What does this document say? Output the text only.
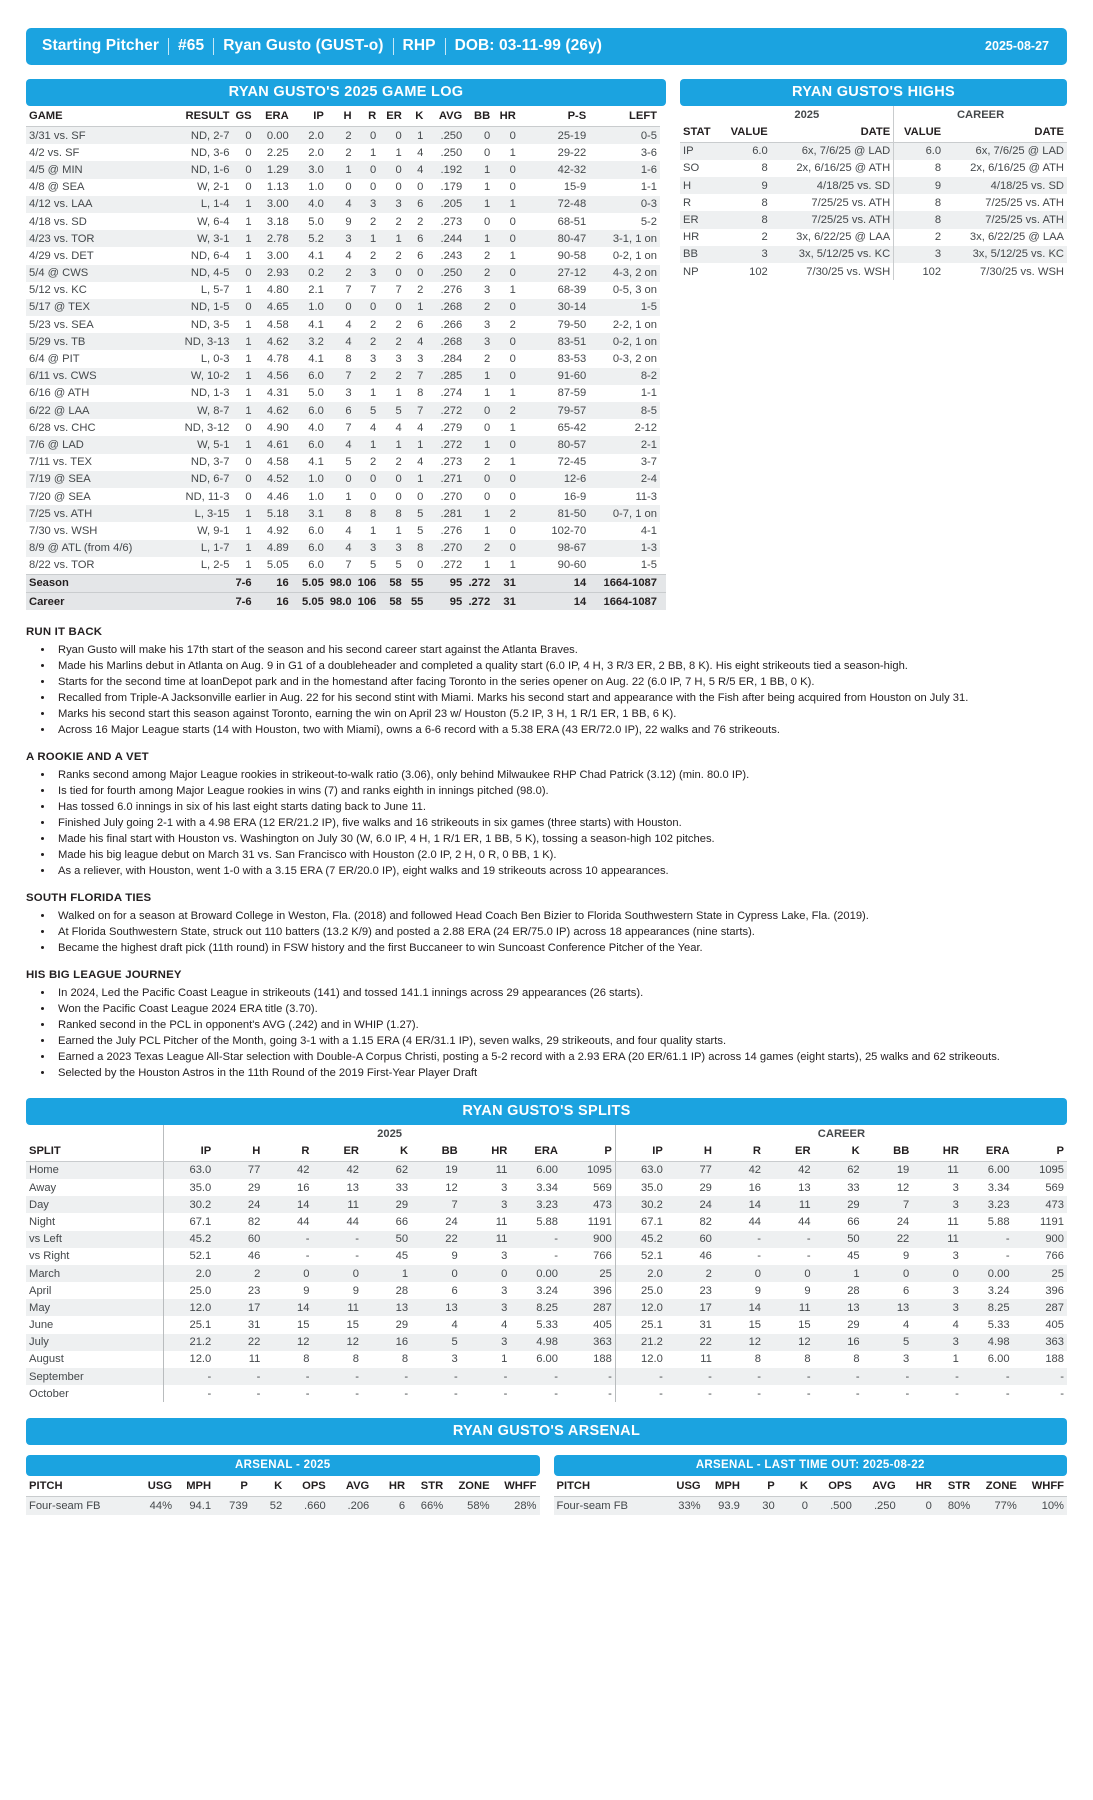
Starting Pitcher	#65	Ryan Gusto (GUST-o)	RHP	DOB: 03-11-99 (26y)	2025-08-27
RYAN GUSTO'S 2025 GAME LOG
GAME	RESULT	GS	ERA	IP	H	R	ER	K	AVG	BB	HR	P-S	LEFT	
3/31 vs. SF	ND, 2-7	0	0.00	2.0	2	0	0	1	.250	0	0	25-19	0-5	
4/2 vs. SF	ND, 3-6	0	2.25	2.0	2	1	1	4	.250	0	1	29-22	3-6	
4/5 @ MIN	ND, 1-6	0	1.29	3.0	1	0	0	4	.192	1	0	42-32	1-6	
4/8 @ SEA	W, 2-1	0	1.13	1.0	0	0	0	0	.179	1	0	15-9	1-1	
4/12 vs. LAA	L, 1-4	1	3.00	4.0	4	3	3	6	.205	1	1	72-48	0-3	
4/18 vs. SD	W, 6-4	1	3.18	5.0	9	2	2	2	.273	0	0	68-51	5-2	
4/23 vs. TOR	W, 3-1	1	2.78	5.2	3	1	1	6	.244	1	0	80-47	3-1, 1 on	
4/29 vs. DET	ND, 6-4	1	3.00	4.1	4	2	2	6	.243	2	1	90-58	0-2, 1 on	
5/4 @ CWS	ND, 4-5	0	2.93	0.2	2	3	0	0	.250	2	0	27-12	4-3, 2 on	
5/12 vs. KC	L, 5-7	1	4.80	2.1	7	7	7	2	.276	3	1	68-39	0-5, 3 on	
5/17 @ TEX	ND, 1-5	0	4.65	1.0	0	0	0	1	.268	2	0	30-14	1-5	
5/23 vs. SEA	ND, 3-5	1	4.58	4.1	4	2	2	6	.266	3	2	79-50	2-2, 1 on	
5/29 vs. TB	ND, 3-13	1	4.62	3.2	4	2	2	4	.268	3	0	83-51	0-2, 1 on	
6/4 @ PIT	L, 0-3	1	4.78	4.1	8	3	3	3	.284	2	0	83-53	0-3, 2 on	
6/11 vs. CWS	W, 10-2	1	4.56	6.0	7	2	2	7	.285	1	0	91-60	8-2	
6/16 @ ATH	ND, 1-3	1	4.31	5.0	3	1	1	8	.274	1	1	87-59	1-1	
6/22 @ LAA	W, 8-7	1	4.62	6.0	6	5	5	7	.272	0	2	79-57	8-5	
6/28 vs. CHC	ND, 3-12	0	4.90	4.0	7	4	4	4	.279	0	1	65-42	2-12	
7/6 @ LAD	W, 5-1	1	4.61	6.0	4	1	1	1	.272	1	0	80-57	2-1	
7/11 vs. TEX	ND, 3-7	0	4.58	4.1	5	2	2	4	.273	2	1	72-45	3-7	
7/19 @ SEA	ND, 6-7	0	4.52	1.0	0	0	0	1	.271	0	0	12-6	2-4	
7/20 @ SEA	ND, 11-3	0	4.46	1.0	1	0	0	0	.270	0	0	16-9	11-3	
7/25 vs. ATH	L, 3-15	1	5.18	3.1	8	8	8	5	.281	1	2	81-50	0-7, 1 on	
7/30 vs. WSH	W, 9-1	1	4.92	6.0	4	1	1	5	.276	1	0	102-70	4-1	
8/9 @ ATL (from 4/6)	L, 1-7	1	4.89	6.0	4	3	3	8	.270	2	0	98-67	1-3	
8/22 vs. TOR	L, 2-5	1	5.05	6.0	7	5	5	0	.272	1	1	90-60	1-5	
Season		7-6	16	5.05	98.0	106	58	55	95	.272	31	14	1664-1087	
Career		7-6	16	5.05	98.0	106	58	55	95	.272	31	14	1664-1087	
RYAN GUSTO'S HIGHS
	2025		CAREER	
STAT	VALUE	DATE	VALUE	DATE
IP	6.0	6x, 7/6/25 @ LAD	6.0	6x, 7/6/25 @ LAD
SO	8	2x, 6/16/25 @ ATH	8	2x, 6/16/25 @ ATH
H	9	4/18/25 vs. SD	9	4/18/25 vs. SD
R	8	7/25/25 vs. ATH	8	7/25/25 vs. ATH
ER	8	7/25/25 vs. ATH	8	7/25/25 vs. ATH
HR	2	3x, 6/22/25 @ LAA	2	3x, 6/22/25 @ LAA
BB	3	3x, 5/12/25 vs. KC	3	3x, 5/12/25 vs. KC
NP	102	7/30/25 vs. WSH	102	7/30/25 vs. WSH
RUN IT BACK
• Ryan Gusto will make his 17th start of the season and his second career start against the Atlanta Braves.
• Made his Marlins debut in Atlanta on Aug. 9 in G1 of a doubleheader and completed a quality start (6.0 IP, 4 H, 3 R/3 ER, 2 BB, 8 K). His eight strikeouts tied a season-high.
• Starts for the second time at loanDepot park and in the homestand after facing Toronto in the series opener on Aug. 22 (6.0 IP, 7 H, 5 R/5 ER, 1 BB, 0 K).
• Recalled from Triple-A Jacksonville earlier in Aug. 22 for his second stint with Miami. Marks his second start and appearance with the Fish after being acquired from Houston on July 31.
• Marks his second start this season against Toronto, earning the win on April 23 w/ Houston (5.2 IP, 3 H, 1 R/1 ER, 1 BB, 6 K).
• Across 16 Major League starts (14 with Houston, two with Miami), owns a 6-6 record with a 5.38 ERA (43 ER/72.0 IP), 22 walks and 76 strikeouts.
A ROOKIE AND A VET
• Ranks second among Major League rookies in strikeout-to-walk ratio (3.06), only behind Milwaukee RHP Chad Patrick (3.12) (min. 80.0 IP).
• Is tied for fourth among Major League rookies in wins (7) and ranks eighth in innings pitched (98.0).
• Has tossed 6.0 innings in six of his last eight starts dating back to June 11.
• Finished July going 2-1 with a 4.98 ERA (12 ER/21.2 IP), five walks and 16 strikeouts in six games (three starts) with Houston.
• Made his final start with Houston vs. Washington on July 30 (W, 6.0 IP, 4 H, 1 R/1 ER, 1 BB, 5 K), tossing a season-high 102 pitches.
• Made his big league debut on March 31 vs. San Francisco with Houston (2.0 IP, 2 H, 0 R, 0 BB, 1 K).
• As a reliever, with Houston, went 1-0 with a 3.15 ERA (7 ER/20.0 IP), eight walks and 19 strikeouts across 10 appearances.
SOUTH FLORIDA TIES
• Walked on for a season at Broward College in Weston, Fla. (2018) and followed Head Coach Ben Bizier to Florida Southwestern State in Cypress Lake, Fla. (2019).
• At Florida Southwestern State, struck out 110 batters (13.2 K/9) and posted a 2.88 ERA (24 ER/75.0 IP) across 18 appearances (nine starts).
• Became the highest draft pick (11th round) in FSW history and the first Buccaneer to win Suncoast Conference Pitcher of the Year.
HIS BIG LEAGUE JOURNEY
• In 2024, Led the Pacific Coast League in strikeouts (141) and tossed 141.1 innings across 29 appearances (26 starts).
• Won the Pacific Coast League 2024 ERA title (3.70).
• Ranked second in the PCL in opponent's AVG (.242) and in WHIP (1.27).
• Earned the July PCL Pitcher of the Month, going 3-1 with a 1.15 ERA (4 ER/31.1 IP), seven walks, 29 strikeouts, and four quality starts.
• Earned a 2023 Texas League All-Star selection with Double-A Corpus Christi, posting a 5-2 record with a 2.93 ERA (20 ER/61.1 IP) across 14 games (eight starts), 25 walks and 62 strikeouts.
• Selected by the Houston Astros in the 11th Round of the 2019 First-Year Player Draft
RYAN GUSTO'S SPLITS
	2025									CAREER								
SPLIT	IP	H	R	ER	K	BB	HR	ERA	P	IP	H	R	ER	K	BB	HR	ERA	P
Home	63.0	77	42	42	62	19	11	6.00	1095	63.0	77	42	42	62	19	11	6.00	1095
Away	35.0	29	16	13	33	12	3	3.34	569	35.0	29	16	13	33	12	3	3.34	569
Day	30.2	24	14	11	29	7	3	3.23	473	30.2	24	14	11	29	7	3	3.23	473
Night	67.1	82	44	44	66	24	11	5.88	1191	67.1	82	44	44	66	24	11	5.88	1191
vs Left	45.2	60	-	-	50	22	11	-	900	45.2	60	-	-	50	22	11	-	900
vs Right	52.1	46	-	-	45	9	3	-	766	52.1	46	-	-	45	9	3	-	766
March	2.0	2	0	0	1	0	0	0.00	25	2.0	2	0	0	1	0	0	0.00	25
April	25.0	23	9	9	28	6	3	3.24	396	25.0	23	9	9	28	6	3	3.24	396
May	12.0	17	14	11	13	13	3	8.25	287	12.0	17	14	11	13	13	3	8.25	287
June	25.1	31	15	15	29	4	4	5.33	405	25.1	31	15	15	29	4	4	5.33	405
July	21.2	22	12	12	16	5	3	4.98	363	21.2	22	12	12	16	5	3	4.98	363
August	12.0	11	8	8	8	3	1	6.00	188	12.0	11	8	8	8	3	1	6.00	188
September	-	-	-	-	-	-	-	-	-	-	-	-	-	-	-	-	-	-
October	-	-	-	-	-	-	-	-	-	-	-	-	-	-	-	-	-	-
RYAN GUSTO'S ARSENAL
ARSENAL - 2025
PITCH	USG	MPH	P	K	OPS	AVG	HR	STR	ZONE	WHFF
Four-seam FB	44%	94.1	739	52	.660	.206	6	66%	58%	28%
ARSENAL - LAST TIME OUT: 2025-08-22
PITCH	USG	MPH	P	K	OPS	AVG	HR	STR	ZONE	WHFF
Four-seam FB	33%	93.9	30	0	.500	.250	0	80%	77%	10%
